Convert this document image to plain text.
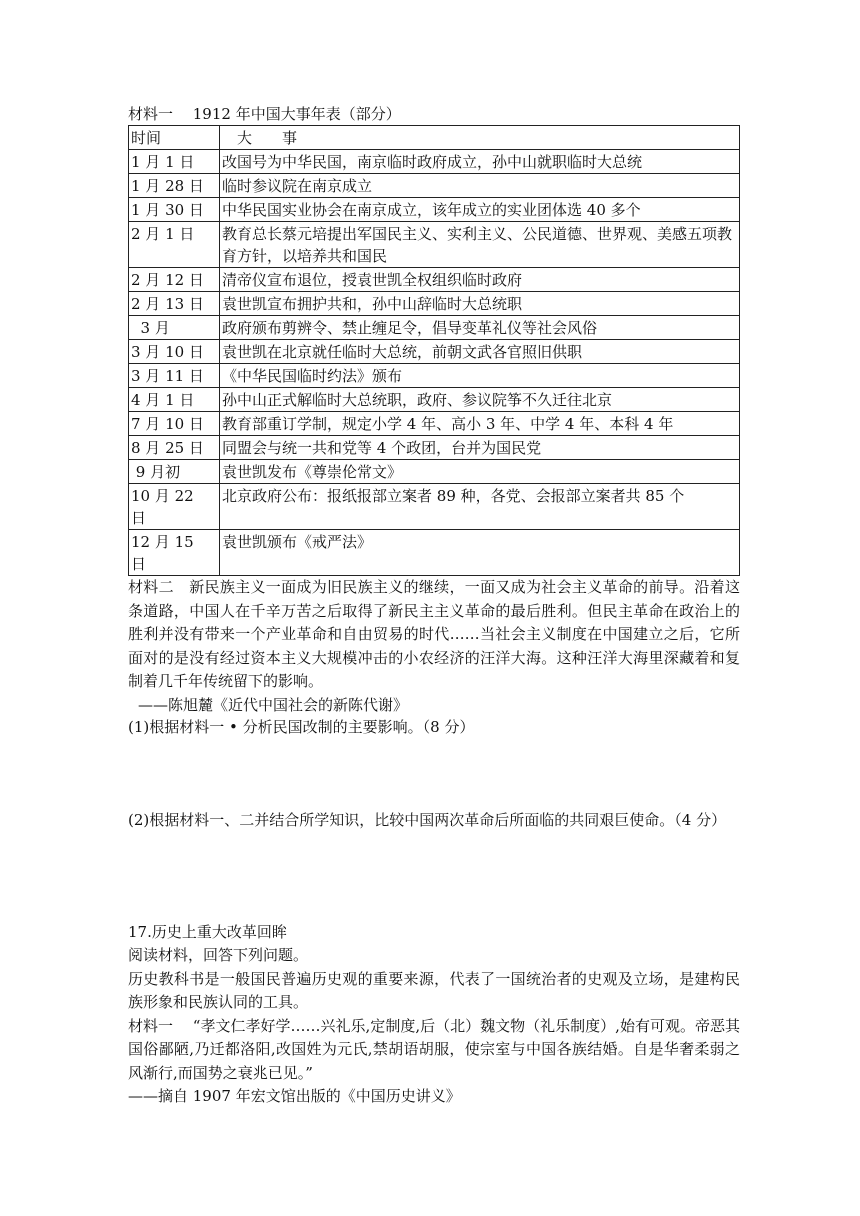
材料一　 1912 年中国大事年表（部分）
时间	　大　　事
1 月 1 日	改国号为中华民国，南京临时政府成立，孙中山就职临时大总统
1 月 28 日	临时参议院在南京成立
1 月 30 日	中华民国实业协会在南京成立，该年成立的实业团体选 40 多个
2 月 1 日	教育总长蔡元培提出军国民主义、实利主义、公民道德、世界观、美感五项教育方针，以培养共和国民
2 月 12 日	清帝仪宣布退位，授袁世凯全权组织临时政府
2 月 13 日	袁世凯宣布拥护共和，孙中山辞临时大总统职
3 月	政府颁布剪辨令、禁止缠足令，倡导变革礼仪等社会风俗
3 月 10 日	袁世凯在北京就任临时大总统，前朝文武各官照旧供职
3 月 11 日	《中华民国临时约法》颁布
4 月 1 日	孙中山正式解临时大总统职，政府、参议院筝不久迁往北京
7 月 10 日	教育部重订学制，规定小学 4 年、高小 3 年、中学 4 年、本科 4 年
8 月 25 日	同盟会与统一共和党等 4 个政团，台并为国民党
9 月初	袁世凯发布《尊崇伦常文》
10 月 22 日	北京政府公布：报纸报部立案者 89 种，各党、会报部立案者共 85 个
12 月 15 日	袁世凯颁布《戒严法》
材料二　新民族主义一面成为旧民族主义的继续，一面又成为社会主义革命的前导。沿着这条道路，中国人在千辛万苦之后取得了新民主主义革命的最后胜利。但民主革命在政治上的胜利并没有带来一个产业革命和自由贸易的时代……当社会主义制度在中国建立之后，它所面对的是没有经过资本主义大规模冲击的小农经济的汪洋大海。这种汪洋大海里深藏着和复制着几千年传统留下的影响。
——陈旭麓《近代中国社会的新陈代谢》
(1)根据材料一 • 分析民国改制的主要影响。（8 分）
(2)根据材料一、二并结合所学知识，比较中国两次革命后所面临的共同艰巨使命。（4 分）
17.历史上重大改革回眸
阅读材料，回答下列问题。
历史教科书是一般国民普遍历史观的重要来源，代表了一国统治者的史观及立场，是建构民族形象和民族认同的工具。
材料一　 “孝文仁孝好学……兴礼乐,定制度,后（北）魏文物（礼乐制度）,始有可观。帝恶其国俗鄙陋,乃迁都洛阳,改国姓为元氏,禁胡语胡服，使宗室与中国各族结婚。自是华奢柔弱之风渐行,而国势之衰兆已见。”
——摘自 1907 年宏文馆出版的《中国历史讲义》
